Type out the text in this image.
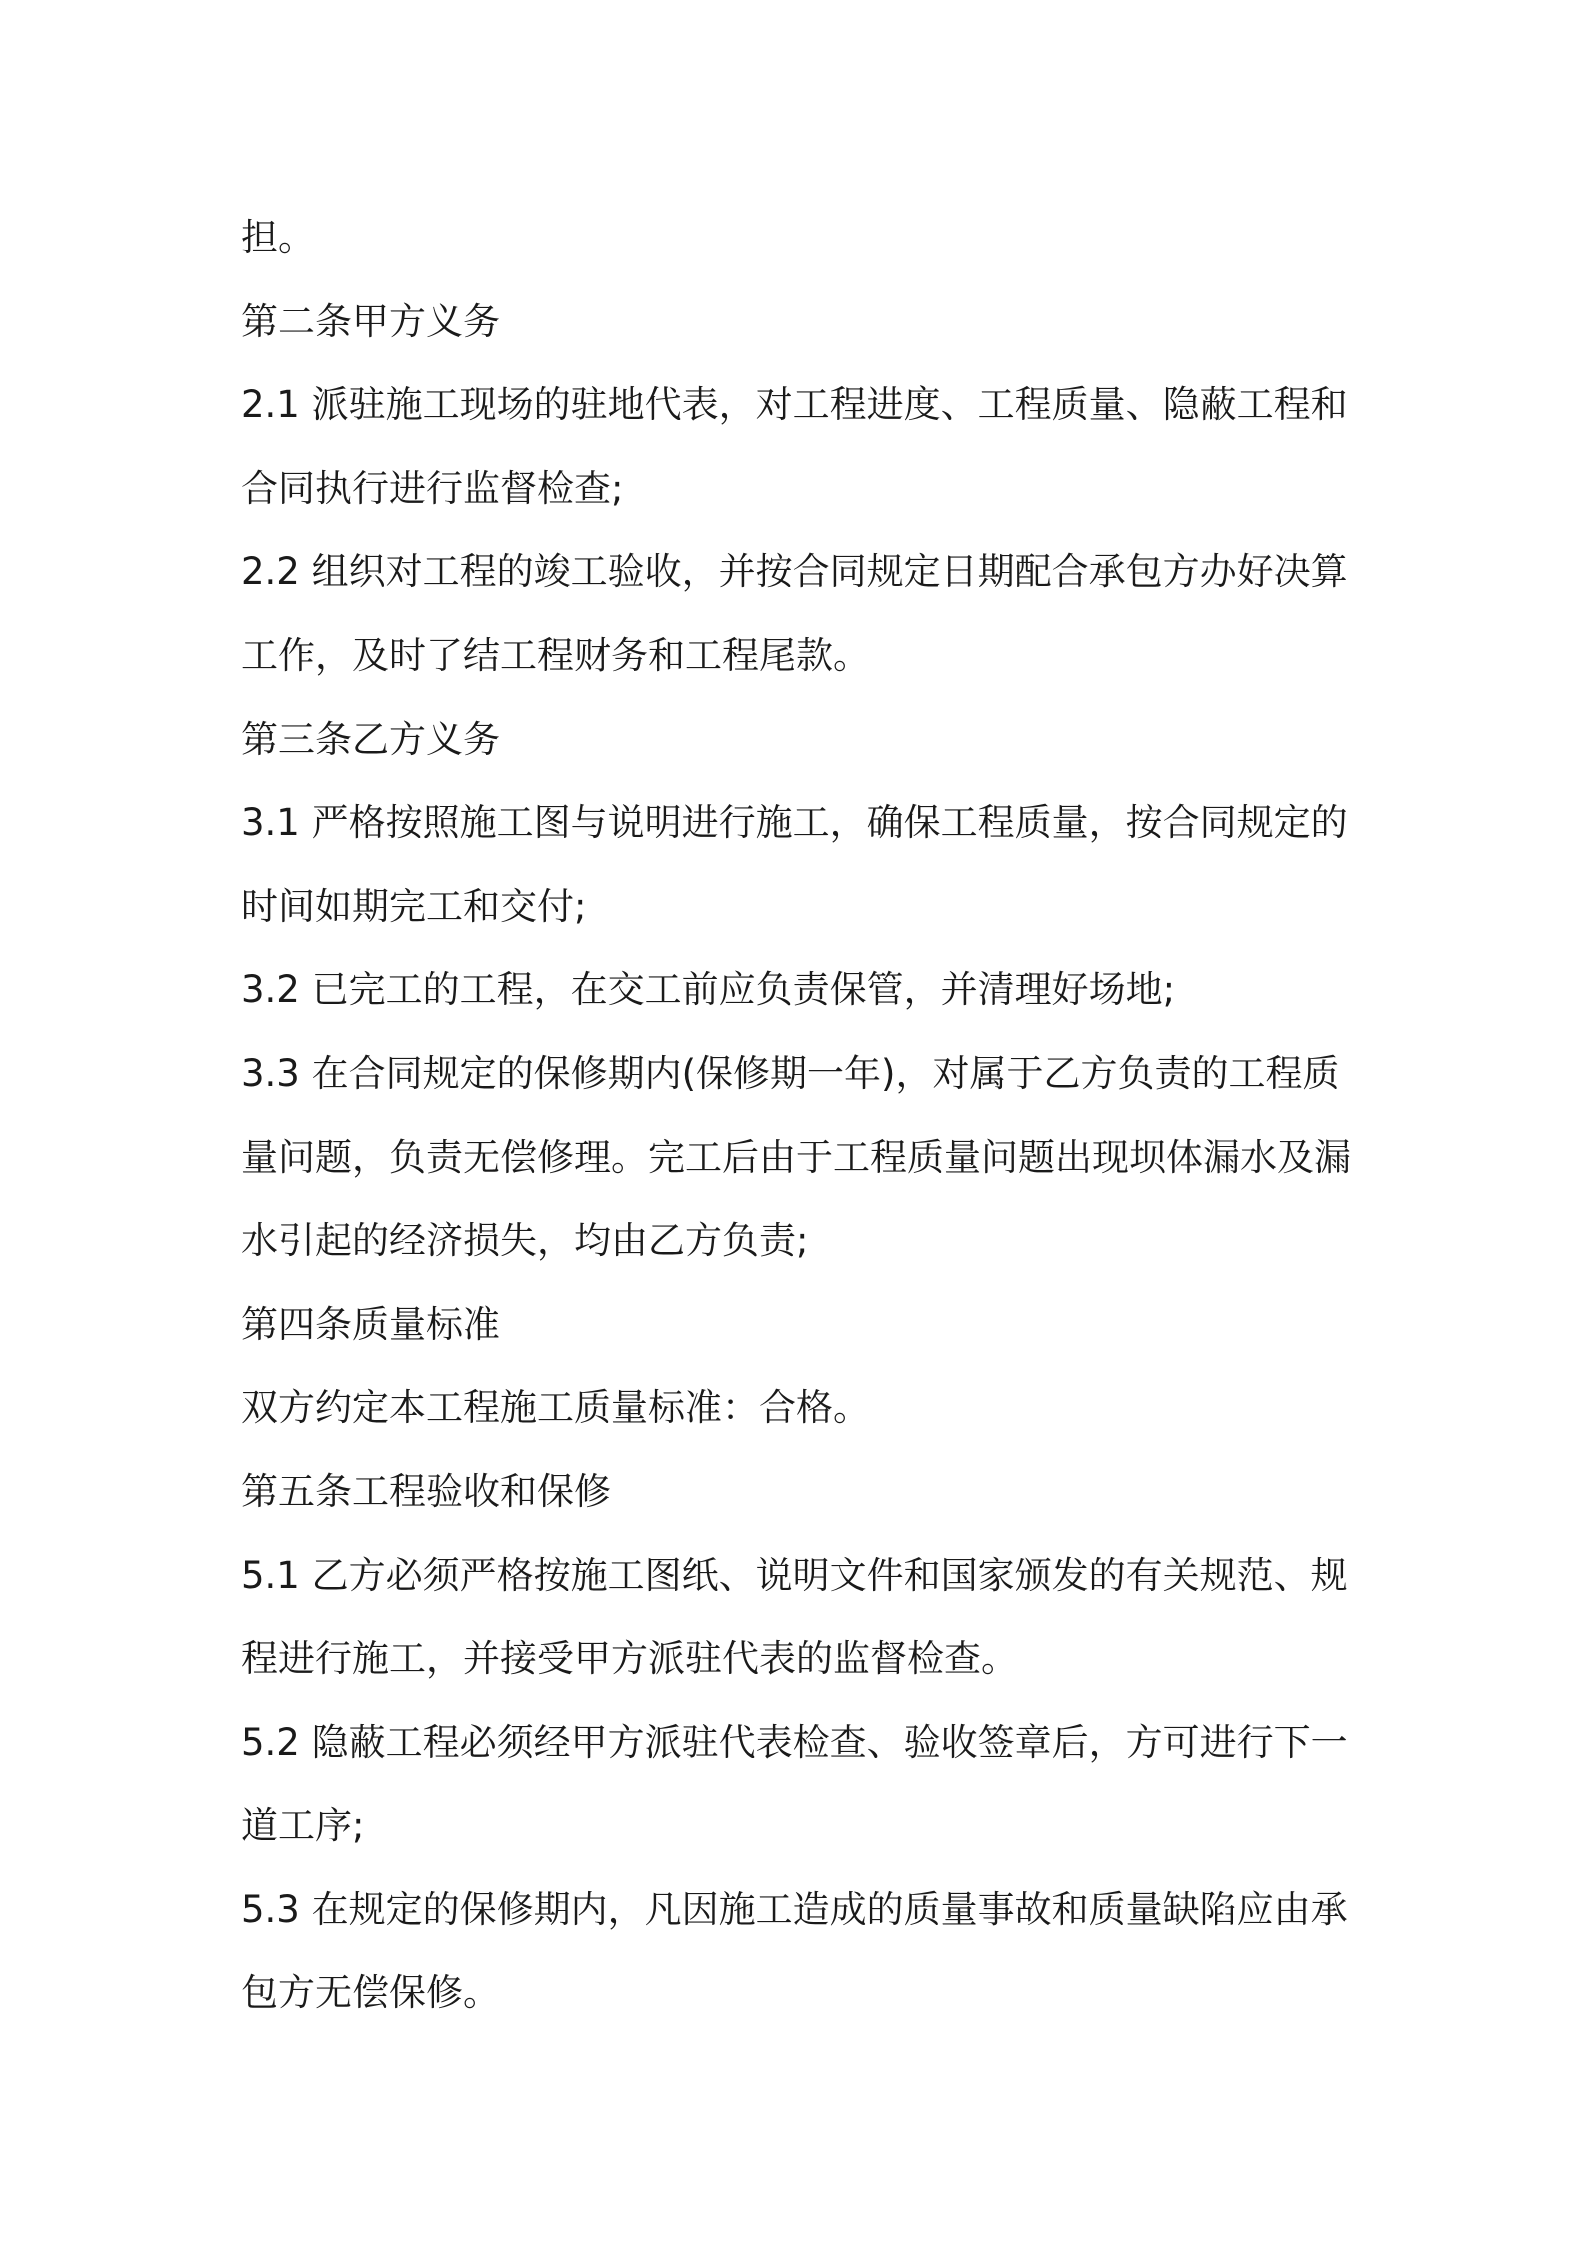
担。

第二条甲方义务

2.1 派驻施工现场的驻地代表，对工程进度、工程质量、隐蔽工程和

合同执行进行监督检查;

2.2 组织对工程的竣工验收，并按合同规定日期配合承包方办好决算

工作，及时了结工程财务和工程尾款。

第三条乙方义务

3.1 严格按照施工图与说明进行施工，确保工程质量，按合同规定的

时间如期完工和交付;

3.2 已完工的工程，在交工前应负责保管，并清理好场地;

3.3 在合同规定的保修期内(保修期一年)，对属于乙方负责的工程质

量问题，负责无偿修理。完工后由于工程质量问题出现坝体漏水及漏

水引起的经济损失，均由乙方负责;

第四条质量标准

双方约定本工程施工质量标准：合格。

第五条工程验收和保修

5.1 乙方必须严格按施工图纸、说明文件和国家颁发的有关规范、规

程进行施工，并接受甲方派驻代表的监督检查。

5.2 隐蔽工程必须经甲方派驻代表检查、验收签章后，方可进行下一

道工序;

5.3 在规定的保修期内，凡因施工造成的质量事故和质量缺陷应由承

包方无偿保修。
